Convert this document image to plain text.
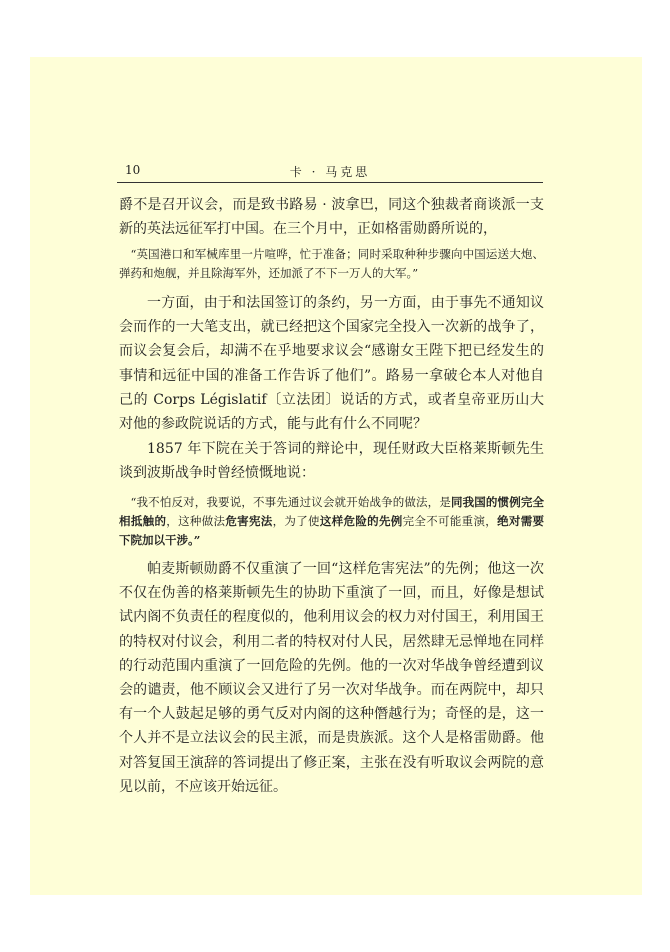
10	卡 · 马克思

爵不是召开议会，而是致书路易 · 波拿巴，同这个独裁者商谈派一支新的英法远征军打中国。在三个月中，正如格雷勋爵所说的，

“英国港口和军械库里一片喧哗，忙于准备；同时采取种种步骤向中国运送大炮、弹药和炮舰，并且除海军外，还加派了不下一万人的大军。”

一方面，由于和法国签订的条约，另一方面，由于事先不通知议会而作的一大笔支出，就已经把这个国家完全投入一次新的战争了，而议会复会后，却满不在乎地要求议会“感谢女王陛下把已经发生的事情和远征中国的准备工作告诉了他们”。路易一拿破仑本人对他自己的 Corps Législatif〔立法团〕说话的方式，或者皇帝亚历山大对他的参政院说话的方式，能与此有什么不同呢？

1857 年下院在关于答词的辩论中，现任财政大臣格莱斯顿先生谈到波斯战争时曾经愤慨地说：

“我不怕反对，我要说，不事先通过议会就开始战争的做法，是同我国的惯例完全相抵触的，这种做法危害宪法，为了使这样危险的先例完全不可能重演，绝对需要下院加以干涉。”

帕麦斯顿勋爵不仅重演了一回“这样危害宪法”的先例；他这一次不仅在伪善的格莱斯顿先生的协助下重演了一回，而且，好像是想试试内阁不负责任的程度似的，他利用议会的权力对付国王，利用国王的特权对付议会，利用二者的特权对付人民，居然肆无忌惮地在同样的行动范围内重演了一回危险的先例。他的一次对华战争曾经遭到议会的谴责，他不顾议会又进行了另一次对华战争。而在两院中，却只有一个人鼓起足够的勇气反对内阁的这种僭越行为；奇怪的是，这一个人并不是立法议会的民主派，而是贵族派。这个人是格雷勋爵。他对答复国王演辞的答词提出了修正案，主张在没有听取议会两院的意见以前，不应该开始远征。
